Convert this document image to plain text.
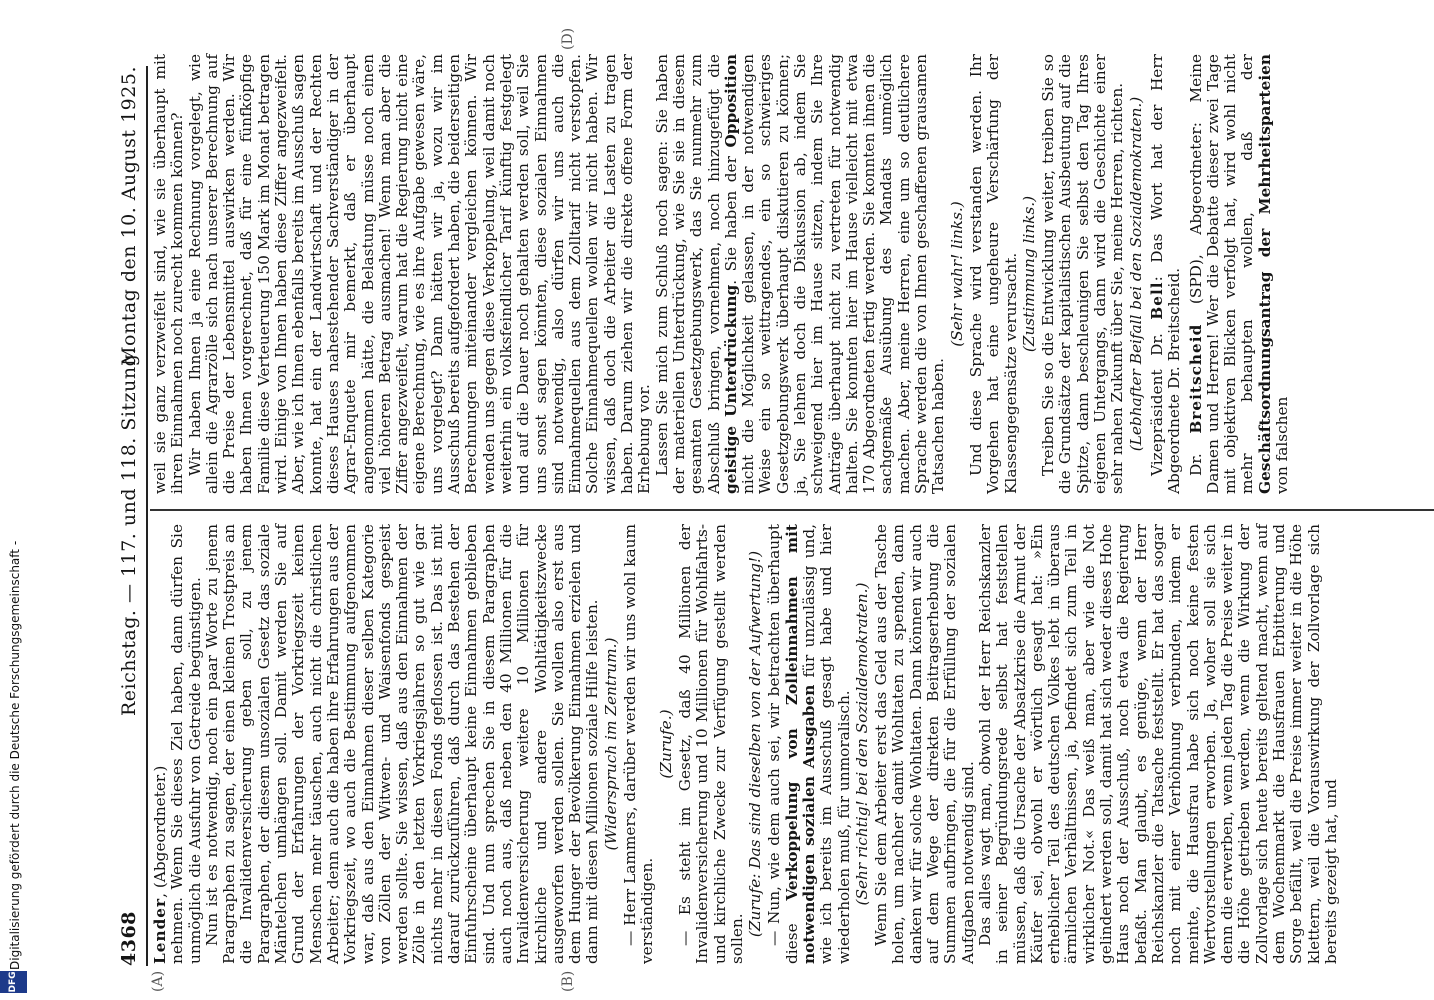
4368
Reichstag. — 117. und 118. Sitzung.
Montag den 10. August 1925.
(A)	(B)
(D)

Lender, (Abgeordneter.) nehmen. Wenn Sie dieses Ziel haben, dann dürfen Sie unmöglich die Ausfuhr von Getreide begünstigen. Nun ist es notwendig, noch ein paar Worte zu jenem Paragraphen zu sagen, der einen kleinen Trostpreis an die Invalidenversicherung geben soll, zu jenem Paragraphen, der diesem unsozialen Gesetz das soziale Mäntelchen umhängen soll. Damit werden Sie auf Grund der Erfahrungen der Vorkriegszeit keinen Menschen mehr täuschen, auch nicht die christlichen Arbeiter; denn auch die haben ihre Erfahrungen aus der Vorkriegszeit, wo auch die Bestimmung aufgenommen war, daß aus den Einnahmen dieser selben Kategorie von Zöllen der Witwen- und Waisenfonds gespeist werden sollte. Sie wissen, daß aus den Einnahmen der Zölle in den letzten Vorkriegsjahren so gut wie gar nichts mehr in diesen Fonds geflossen ist. Das ist mit darauf zurückzuführen, daß durch das Bestehen der Einfuhrscheine überhaupt keine Einnahmen geblieben sind. Und nun sprechen Sie in diesem Paragraphen auch noch aus, daß neben den 40 Millionen für die Invalidenversicherung weitere 10 Millionen für kirchliche und andere Wohltätigkeitszwecke ausgeworfen werden sollen. Sie wollen also erst aus dem Hunger der Bevölkerung Einnahmen erzielen und dann mit diesen Millionen soziale Hilfe leisten. (Widerspruch im Zentrum.) — Herr Lammers, darüber werden wir uns wohl kaum verständigen.

(Zurufe.) — Es steht im Gesetz, daß 40 Millionen der Invalidenversicherung und 10 Millionen für Wohlfahrts- und kirchliche Zwecke zur Verfügung gestellt werden sollen.

(Zurufe: Das sind dieselben von der Aufwertung!) — Nun, wie dem auch sei, wir betrachten überhaupt diese Verkoppelung von Zolleinnahmen mit notwendigen sozialen Ausgaben für unzulässig und, wie ich bereits im Ausschuß gesagt habe und hier wiederholen muß, für unmoralisch. (Sehr richtig! bei den Sozialdemokraten.) Wenn Sie dem Arbeiter erst das Geld aus der Tasche holen, um nachher damit Wohltaten zu spenden, dann danken wir für solche Wohltaten. Dann können wir auch auf dem Wege der direkten Beitragserhebung die Summen aufbringen, die für die Erfüllung der sozialen Aufgaben notwendig sind. Das alles wagt man, obwohl der Herr Reichskanzler in seiner Begründungsrede selbst hat feststellen müssen, daß die Ursache der Absatzkrise die Armut der Käufer sei, obwohl er wörtlich gesagt hat: »Ein erheblicher Teil des deutschen Volkes lebt in überaus ärmlichen Verhältnissen, ja, befindet sich zum Teil in wirklicher Not.« Das weiß man, aber wie die Not gelindert werden soll, damit hat sich weder dieses Hohe Haus noch der Ausschuß, noch etwa die Regierung befaßt. Man glaubt, es genüge, wenn der Herr Reichskanzler die Tatsache feststellt. Er hat das sogar noch mit einer Verhöhnung verbunden, indem er meinte, die Hausfrau habe sich noch keine festen Wertvorstellungen erworben. Ja, woher soll sie sich denn die erwerben, wenn jeden Tag die Preise weiter in die Höhe getrieben werden, wenn die Wirkung der Zollvorlage sich heute bereits geltend macht, wenn auf dem Wochenmarkt die Hausfrauen Erbitterung und Sorge befällt, weil die Preise immer weiter in die Höhe klettern, weil die Vorauswirkung der Zollvorlage sich bereits gezeigt hat, und

weil sie ganz verzweifelt sind, wie sie überhaupt mit ihren Einnahmen noch zurecht kommen können? Wir haben Ihnen ja eine Rechnung vorgelegt, wie allein die Agrarzölle sich nach unserer Berechnung auf die Preise der Lebensmittel auswirken werden. Wir haben Ihnen vorgerechnet, daß für eine fünfköpfige Familie diese Verteuerung 150 Mark im Monat betragen wird. Einige von Ihnen haben diese Ziffer angezweifelt. Aber, wie ich Ihnen ebenfalls bereits im Ausschuß sagen konnte, hat ein der Landwirtschaft und der Rechten dieses Hauses nahestehender Sachverständiger in der Agrar-Enquete mir bemerkt, daß er überhaupt angenommen hätte, die Belastung müsse noch einen viel höheren Betrag ausmachen! Wenn man aber die Ziffer angezweifelt, warum hat die Regierung nicht eine eigene Berechnung, wie es ihre Aufgabe gewesen wäre, uns vorgelegt? Dann hätten wir ja, wozu wir im Ausschuß bereits aufgefordert haben, die beiderseitigen Berechnungen miteinander vergleichen können. Wir wenden uns gegen diese Verkoppelung, weil damit noch weiterhin ein volksfeindlicher Tarif künftig festgelegt und auf die Dauer noch gehalten werden soll, weil Sie uns sonst sagen könnten, diese sozialen Einnahmen sind notwendig, also dürfen wir uns auch die Einnahmequellen aus dem Zolltarif nicht verstopfen. Solche Einnahmequellen wollen wir nicht haben. Wir wissen, daß doch die Arbeiter die Lasten zu tragen haben. Darum ziehen wir die direkte offene Form der Erhebung vor. Lassen Sie mich zum Schluß noch sagen: Sie haben der materiellen Unterdrückung, wie Sie sie in diesem gesamten Gesetzgebungswerk, das Sie nunmehr zum Abschluß bringen, vornehmen, noch hinzugefügt die geistige Unterdrückung. Sie haben der Opposition nicht die Möglichkeit gelassen, in der notwendigen Weise ein so weittragendes, ein so schwieriges Gesetzgebungswerk überhaupt diskutieren zu können; ja, Sie lehnen doch die Diskussion ab, indem Sie schweigend hier im Hause sitzen, indem Sie Ihre Anträge überhaupt nicht zu vertreten für notwendig halten. Sie konnten hier im Hause vielleicht mit etwa 170 Abgeordneten fertig werden. Sie konnten ihnen die sachgemäße Ausübung des Mandats unmöglich machen. Aber, meine Herren, eine um so deutlichere Sprache werden die von Ihnen geschaffenen grausamen Tatsachen haben.

(Sehr wahr! links.) Und diese Sprache wird verstanden werden. Ihr Vorgehen hat eine ungeheure Verschärfung der Klassengegensätze verursacht. (Zustimmung links.) Treiben Sie so die Entwicklung weiter, treiben Sie so die Grundsätze der kapitalistischen Ausbeutung auf die Spitze, dann beschleunigen Sie selbst den Tag Ihres eigenen Untergangs, dann wird die Geschichte einer sehr nahen Zukunft über Sie, meine Herren, richten. (Lebhafter Beifall bei den Sozialdemokraten.) Vizepräsident Dr. Bell: Das Wort hat der Herr Abgeordnete Dr. Breitscheid. Dr. Breitscheid (SPD), Abgeordneter: Meine Damen und Herren! Wer die Debatte dieser zwei Tage mit objektiven Blicken verfolgt hat, wird wohl nicht mehr behaupten wollen, daß der Geschäftsordnungsantrag der Mehrheitsparteien von falschen

Digitalisierung gefördert durch die Deutsche Forschungsgemeinschaft -
DFG
